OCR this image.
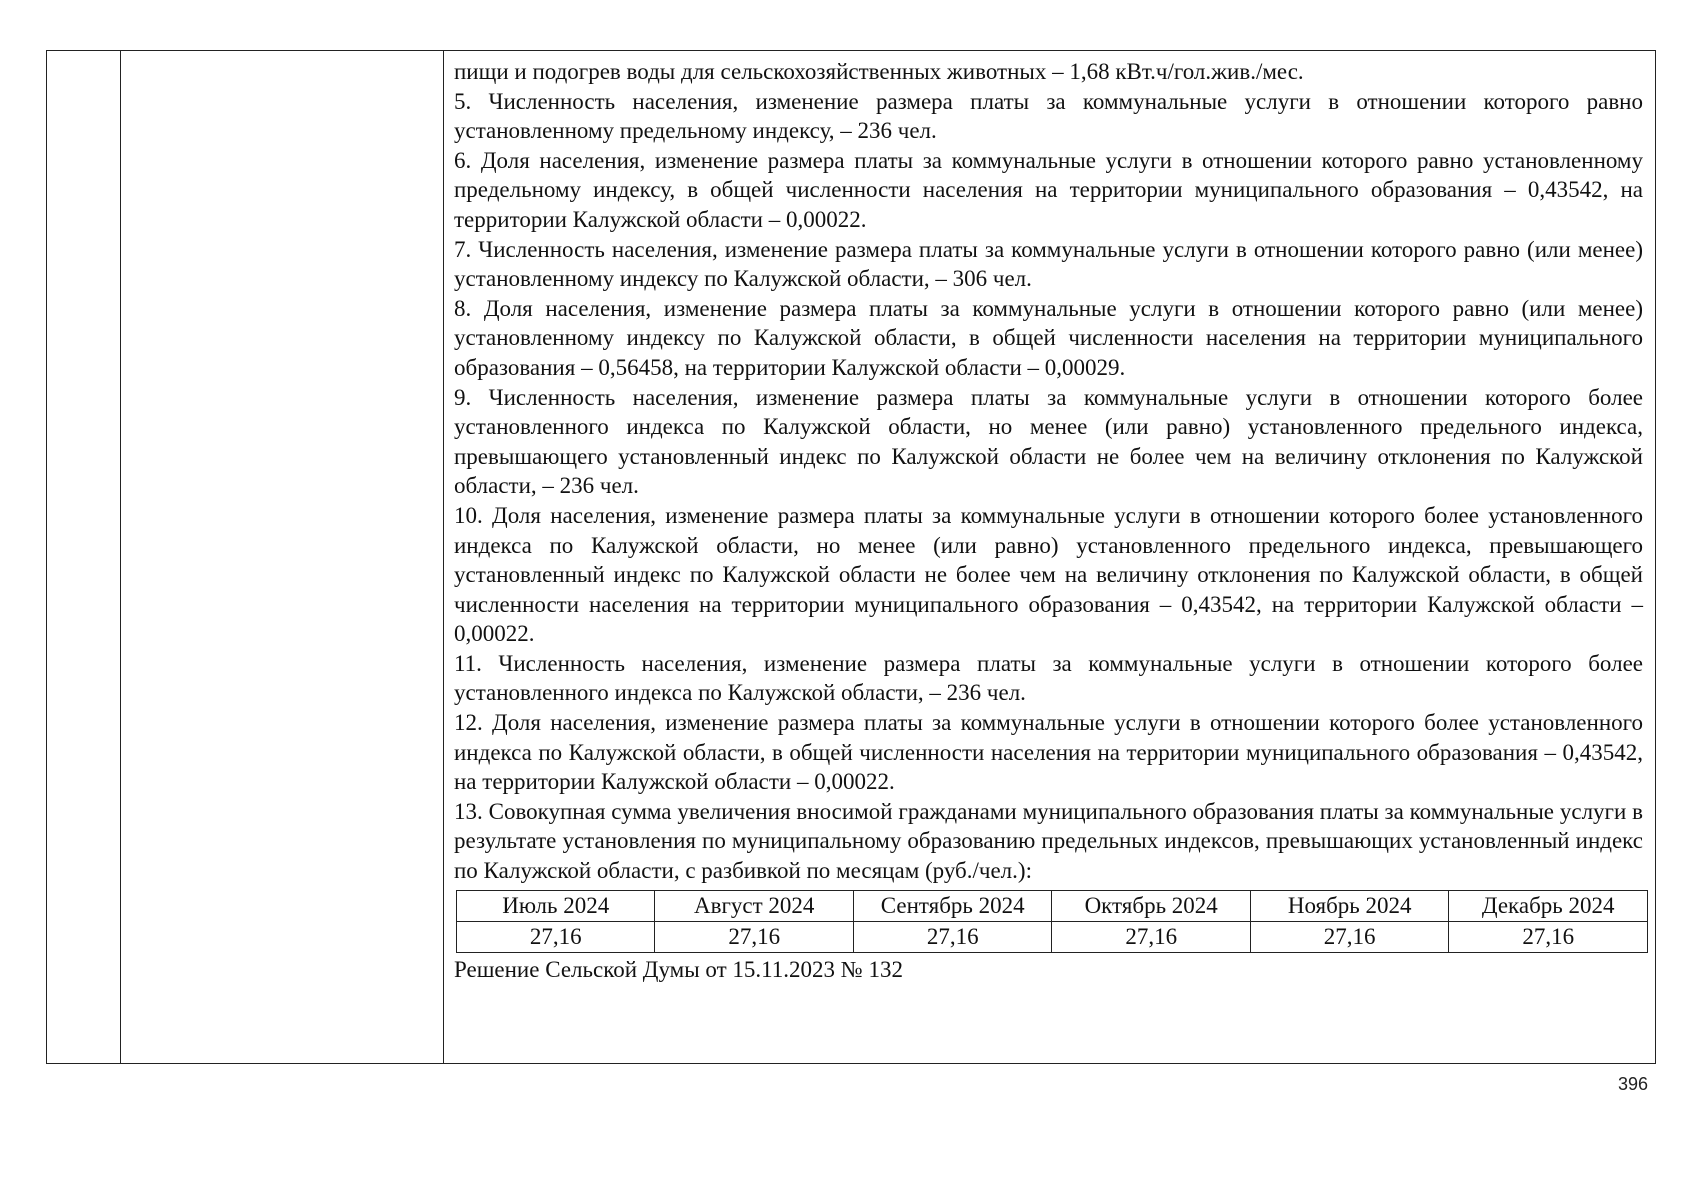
пищи и подогрев воды для сельскохозяйственных животных – 1,68 кВт.ч/гол.жив./мес.

5. Численность населения, изменение размера платы за коммунальные услуги в отношении которого равно установленному предельному индексу, – 236 чел.

6. Доля населения, изменение размера платы за коммунальные услуги в отношении которого равно установленному предельному индексу, в общей численности населения на территории муниципального образования – 0,43542, на территории Калужской области – 0,00022.

7. Численность населения, изменение размера платы за коммунальные услуги в отношении которого равно (или менее) установленному индексу по Калужской области, – 306 чел.

8. Доля населения, изменение размера платы за коммунальные услуги в отношении которого равно (или менее) установленному индексу по Калужской области, в общей численности населения на территории муниципального образования – 0,56458, на территории Калужской области – 0,00029.

9. Численность населения, изменение размера платы за коммунальные услуги в отношении которого более установленного индекса по Калужской области, но менее (или равно) установленного предельного индекса, превышающего установленный индекс по Калужской области не более чем на величину отклонения по Калужской области, – 236 чел.

10. Доля населения, изменение размера платы за коммунальные услуги в отношении которого более установленного индекса по Калужской области, но менее (или равно) установленного предельного индекса, превышающего установленный индекс по Калужской области не более чем на величину отклонения по Калужской области, в общей численности населения на территории муниципального образования – 0,43542, на территории Калужской области – 0,00022.

11. Численность населения, изменение размера платы за коммунальные услуги в отношении которого более установленного индекса по Калужской области, – 236 чел.

12. Доля населения, изменение размера платы за коммунальные услуги в отношении которого более установленного индекса по Калужской области, в общей численности населения на территории муниципального образования – 0,43542, на территории Калужской области – 0,00022.

13. Совокупная сумма увеличения вносимой гражданами муниципального образования платы за коммунальные услуги в результате установления по муниципальному образованию предельных индексов, превышающих установленный индекс по Калужской области, с разбивкой по месяцам (руб./чел.):

Июль 2024	Август 2024	Сентябрь 2024	Октябрь 2024	Ноябрь 2024	Декабрь 2024
27,16	27,16	27,16	27,16	27,16	27,16

Решение Сельской Думы от 15.11.2023 № 132

396
